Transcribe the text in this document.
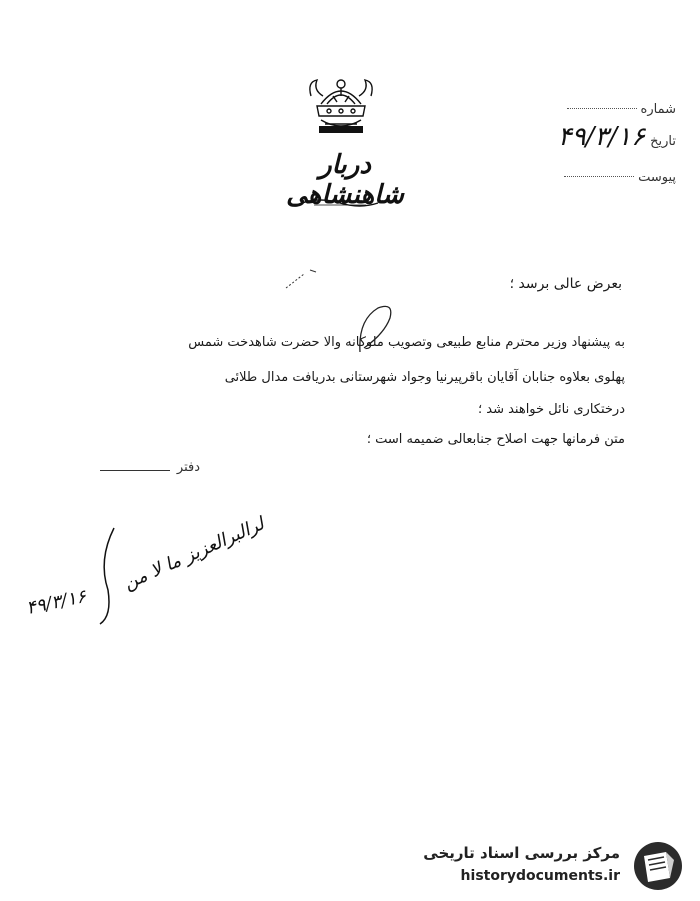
دربار شاهنشاهی
شماره
تاریخ ۴۹/۳/۱۶
پیوست
بعرض عالی برسد ؛
به پیشنهاد وزیر محترم منابع طبیعی وتصویب ملوکانه والا حضرت شاهدخت شمس
پهلوی بعلاوه جنابان آقایان باقرپیرنیا وجواد شهرستانی بدریافت مدال طلائی
درختکاری نائل خواهند شد ؛
متن فرمانها جهت اصلاح جنابعالی ضمیمه است ؛
دفتر
لرالبرالعزیز ما لا من
۴۹/۳/۱۶
مرکز بررسی اسناد تاریخی
historydocuments.ir
